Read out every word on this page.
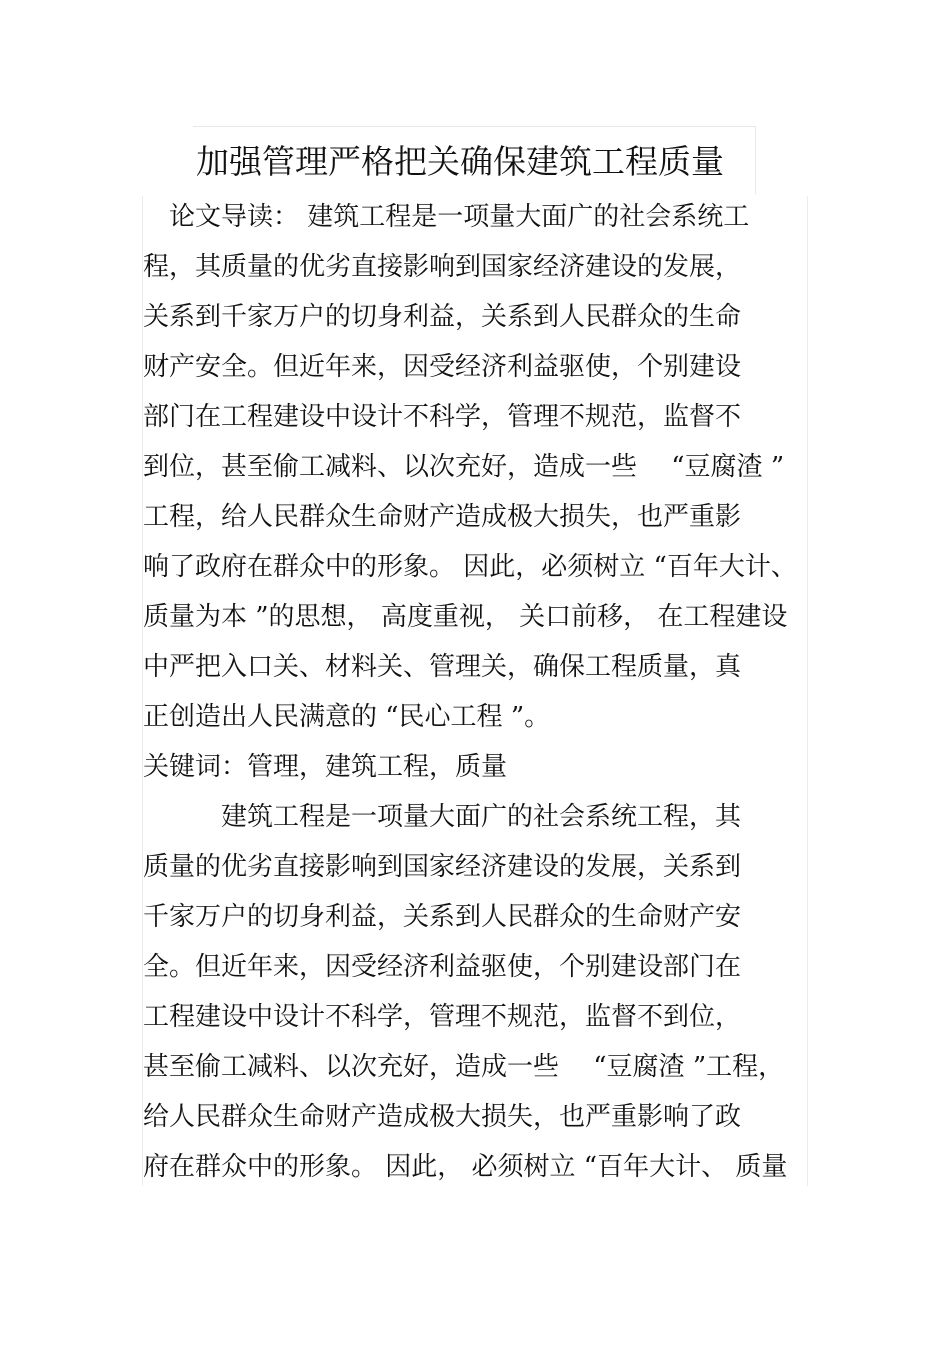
加强管理严格把关确保建筑工程质量
　论文导读： 建筑工程是一项量大面广的社会系统工
程，其质量的优劣直接影响到国家经济建设的发展，
关系到千家万户的切身利益，关系到人民群众的生命
财产安全。但近年来，因受经济利益驱使，个别建设
部门在工程建设中设计不科学，管理不规范，监督不
到位，甚至偷工减料、以次充好，造成一些　 “豆腐渣 ”
工程，给人民群众生命财产造成极大损失，也严重影
响了政府在群众中的形象。 因此，必须树立 “百年大计、
质量为本 ”的思想， 高度重视， 关口前移， 在工程建设
中严把入口关、材料关、管理关，确保工程质量，真
正创造出人民满意的 “民心工程 ”。
关键词：管理，建筑工程，质量
　　　建筑工程是一项量大面广的社会系统工程，其
质量的优劣直接影响到国家经济建设的发展，关系到
千家万户的切身利益，关系到人民群众的生命财产安
全。但近年来，因受经济利益驱使，个别建设部门在
工程建设中设计不科学，管理不规范，监督不到位，
甚至偷工减料、以次充好，造成一些　 “豆腐渣 ”工程，
给人民群众生命财产造成极大损失，也严重影响了政
府在群众中的形象。 因此， 必须树立 “百年大计、 质量
